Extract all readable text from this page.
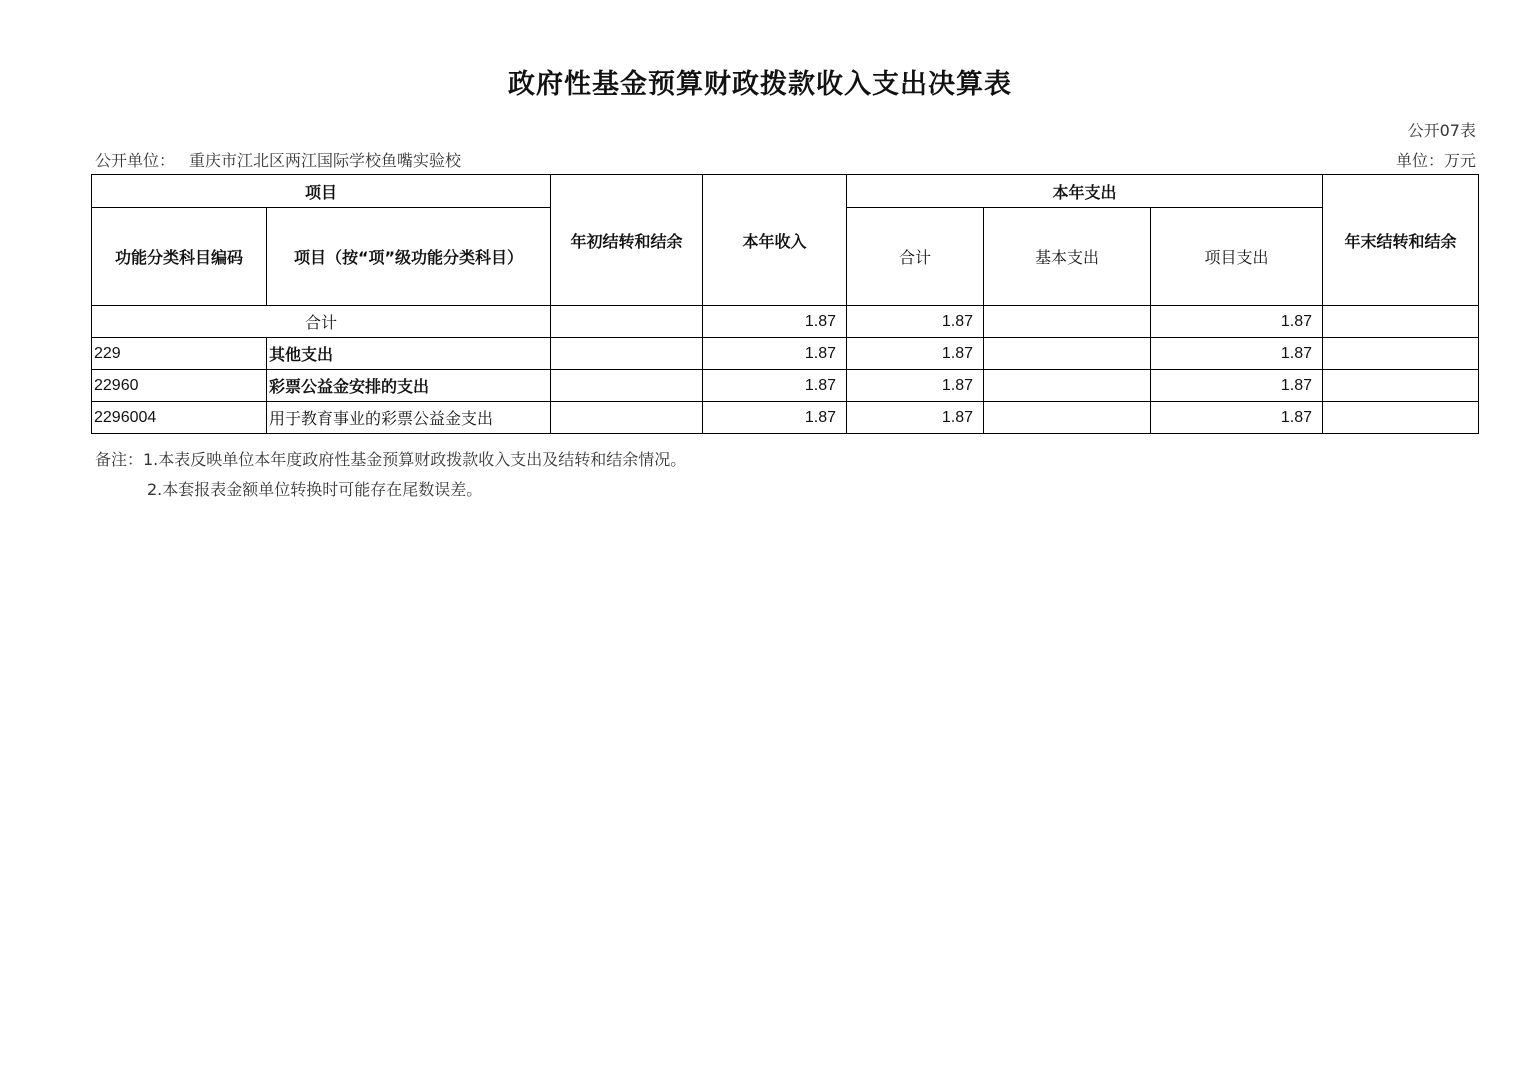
政府性基金预算财政拨款收入支出决算表
公开07表
公开单位： 重庆市江北区两江国际学校鱼嘴实验校	单位：万元
项目		年初结转和结余	本年收入	本年支出			年末结转和结余
功能分类科目编码	项目（按“项”级功能分类科目）			合计	基本支出	项目支出	
合计			1.87	1.87		1.87	
229	其他支出		1.87	1.87		1.87	
22960	彩票公益金安排的支出		1.87	1.87		1.87	
2296004	用于教育事业的彩票公益金支出		1.87	1.87		1.87	
备注：1.本表反映单位本年度政府性基金预算财政拨款收入支出及结转和结余情况。
2.本套报表金额单位转换时可能存在尾数误差。
